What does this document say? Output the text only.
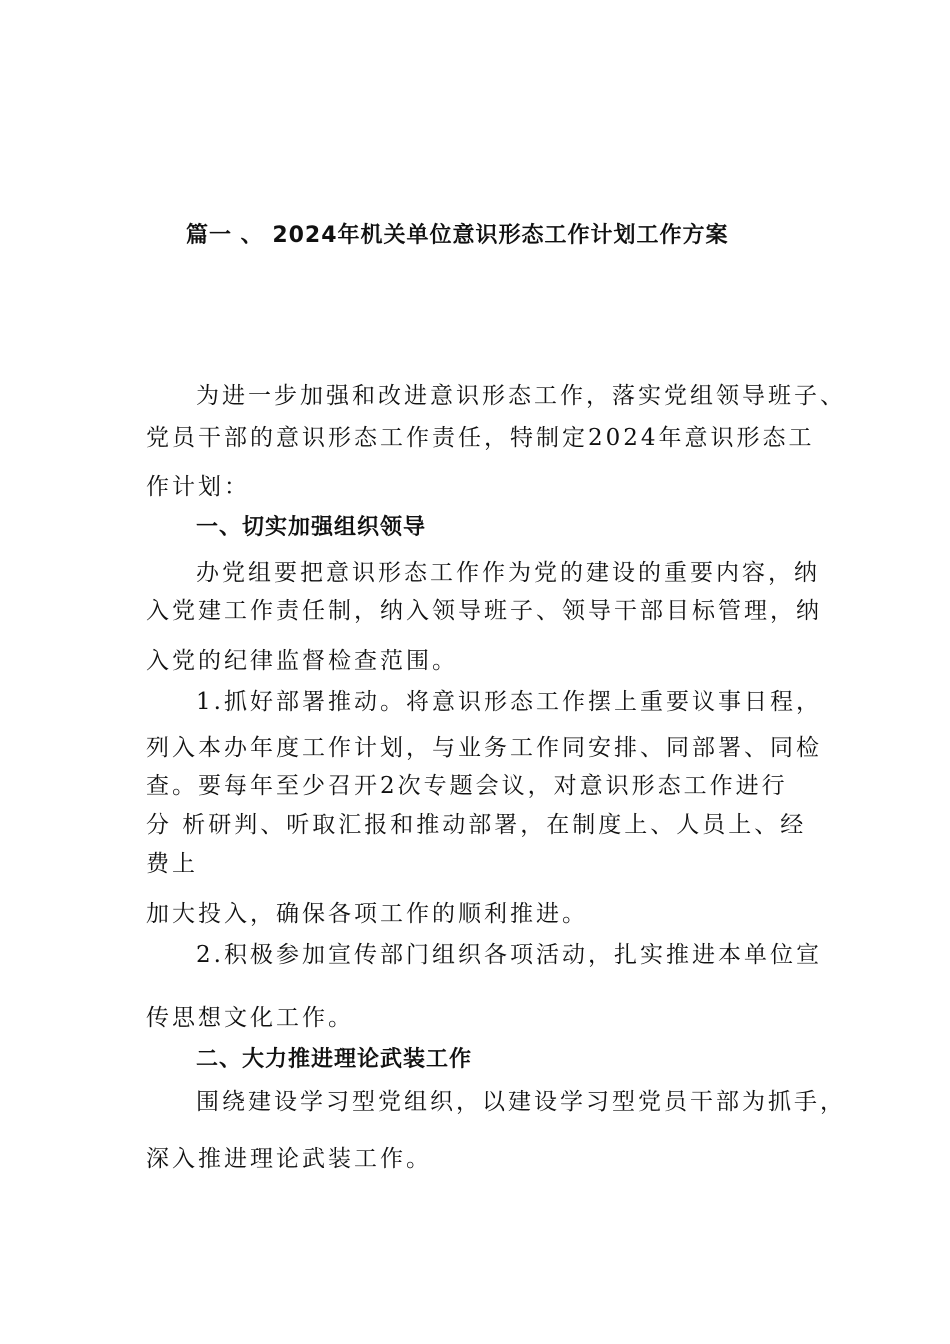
篇一 、 2024年机关单位意识形态工作计划工作方案
为进一步加强和改进意识形态工作，落实党组领导班子、
党员干部的意识形态工作责任，特制定2024年意识形态工
作计划：
一、切实加强组织领导
办党组要把意识形态工作作为党的建设的重要内容，纳
入党建工作责任制，纳入领导班子、领导干部目标管理，纳
入党的纪律监督检查范围。
1.抓好部署推动。将意识形态工作摆上重要议事日程，
列入本办年度工作计划，与业务工作同安排、同部署、同检
查。要每年至少召开2次专题会议，对意识形态工作进行
分 析研判、听取汇报和推动部署，在制度上、人员上、经
费上
加大投入，确保各项工作的顺利推进。
2.积极参加宣传部门组织各项活动，扎实推进本单位宣
传思想文化工作。
二、大力推进理论武装工作
围绕建设学习型党组织，以建设学习型党员干部为抓手，
深入推进理论武装工作。
